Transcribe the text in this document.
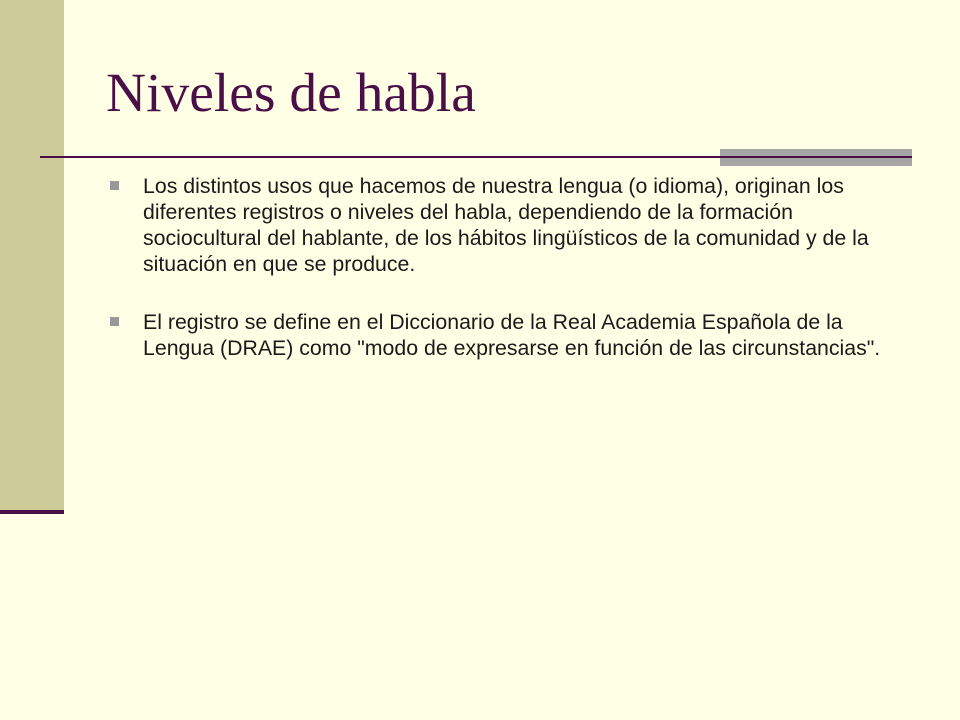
Niveles de habla
Los distintos usos que hacemos de nuestra lengua (o idioma), originan los
diferentes registros o niveles del habla, dependiendo de la formación
sociocultural del hablante, de los hábitos lingüísticos de la comunidad y de la
situación en que se produce.
El registro se define en el Diccionario de la Real Academia Española de la
Lengua (DRAE) como "modo de expresarse en función de las circunstancias".
